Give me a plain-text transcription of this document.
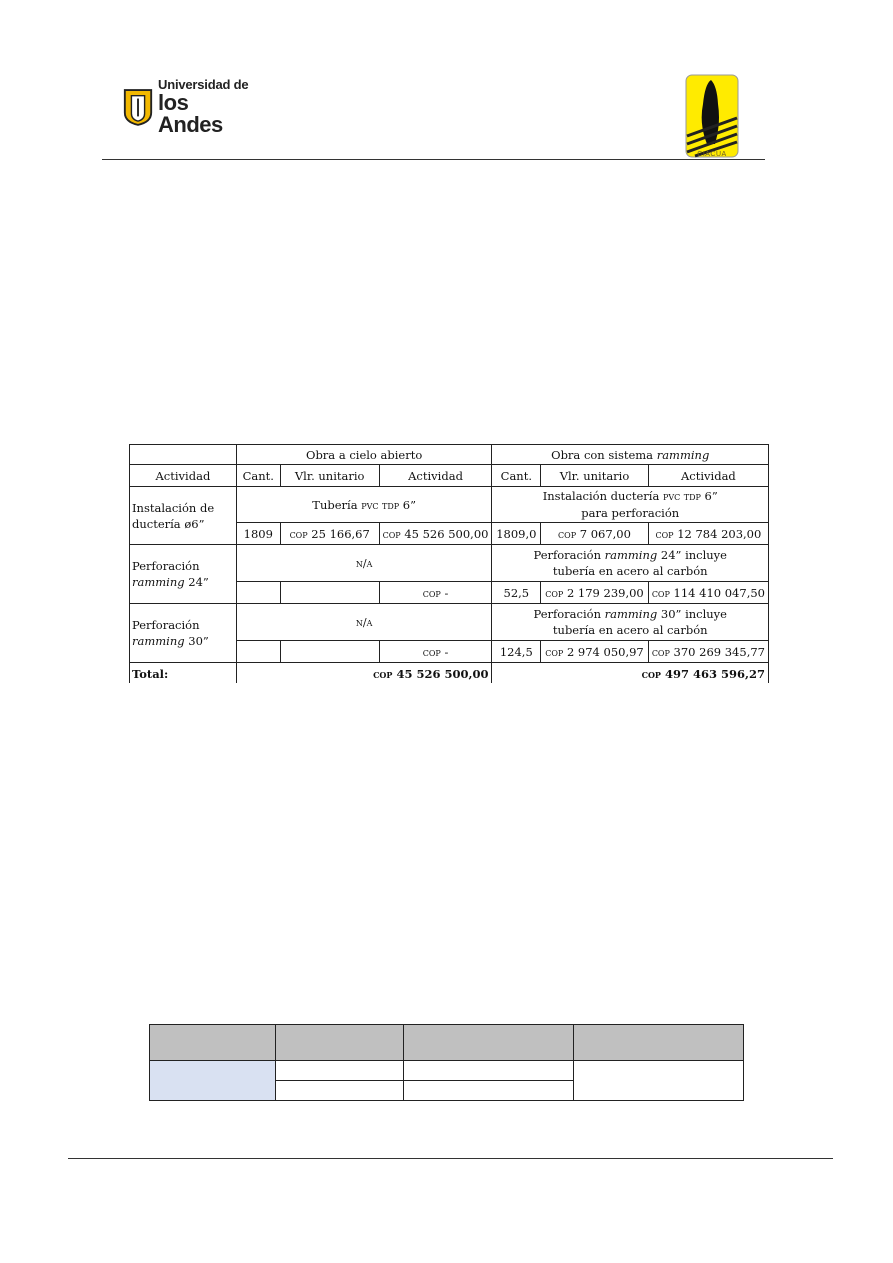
Universidad de
los Andes
CIACUA
	Obra a cielo abierto			Obra con sistema ramming		
Actividad	Cant.	Vlr. unitario	Actividad	Cant.	Vlr. unitario	Actividad
Instalación de
ductería ø6”	Tubería pvc tdp 6”			Instalación ductería pvc tdp 6”
para perforación		
	1809	cop 25 166,67	cop 45 526 500,00	1809,0	cop 7 067,00	cop 12 784 203,00
Perforación
ramming 24”	n/a			Perforación ramming 24” incluye
tubería en acero al carbón		
			cop -	52,5	cop 2 179 239,00	cop 114 410 047,50
Perforación
ramming 30”	n/a			Perforación ramming 30” incluye
tubería en acero al carbón		
			cop -	124,5	cop 2 974 050,97	cop 370 269 345,77
Total:	cop 45 526 500,00			cop 497 463 596,27		
